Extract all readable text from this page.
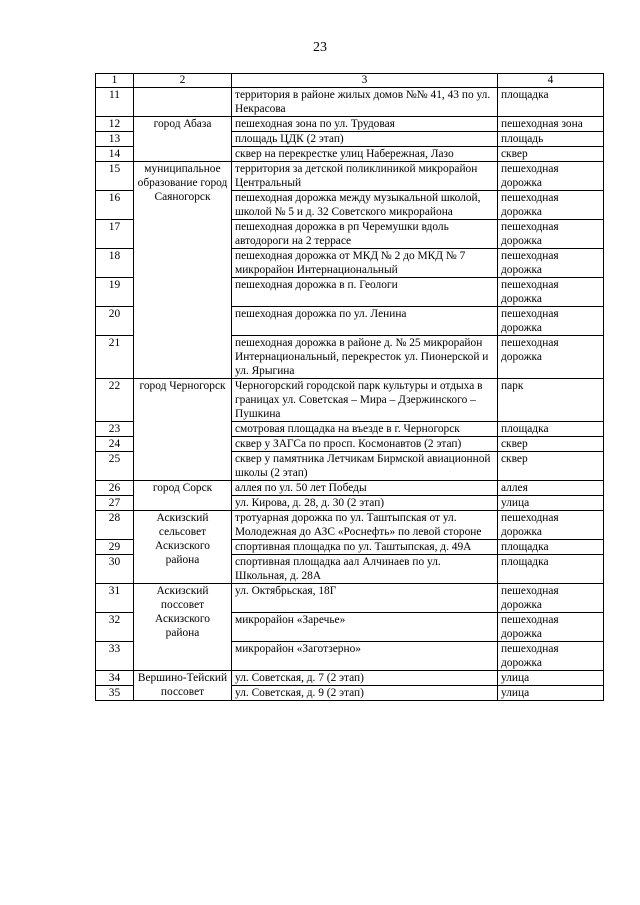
23
1	2	3	4
11		территория в районе жилых домов №№ 41, 43 по ул. Некрасова	площадка
12	город Абаза	пешеходная зона по ул. Трудовая	пешеходная зона
13		площадь ЦДК (2 этап)	площадь
14		сквер на перекрестке улиц Набережная, Лазо	сквер
15	муниципальное образование город Саяногорск	территория за детской поликлиникой микрорайон Центральный	пешеходная дорожка
16		пешеходная дорожка между музыкальной школой, школой № 5 и д. 32 Советского микрорайона	пешеходная дорожка
17		пешеходная дорожка в рп Черемушки вдоль автодороги на 2 террасе	пешеходная дорожка
18		пешеходная дорожка от МКД № 2 до МКД № 7 микрорайон Интернациональный	пешеходная дорожка
19		пешеходная дорожка в п. Геологи	пешеходная дорожка
20		пешеходная дорожка по ул. Ленина	пешеходная дорожка
21		пешеходная дорожка в районе д. № 25 микрорайон Интернациональный, перекресток ул. Пионерской и ул. Ярыгина	пешеходная дорожка
22	город Черногорск	Черногорский городской парк культуры и отдыха в границах ул. Советская – Мира – Дзержинского – Пушкина	парк
23		смотровая площадка на въезде в г. Черногорск	площадка
24		сквер у ЗАГСа по просп. Космонавтов (2 этап)	сквер
25		сквер у памятника Летчикам Бирмской авиационной школы (2 этап)	сквер
26	город Сорск	аллея по ул. 50 лет Победы	аллея
27		ул. Кирова, д. 28, д. 30 (2 этап)	улица
28	Аскизский сельсовет Аскизского района	тротуарная дорожка по ул. Таштыпская от ул. Молодежная до АЗС «Роснефть» по левой стороне	пешеходная дорожка
29		спортивная площадка по ул. Таштыпская, д. 49А	площадка
30		спортивная площадка аал Алчинаев по ул. Школьная, д. 28А	площадка
31	Аскизский поссовет Аскизского района	ул. Октябрьская, 18Г	пешеходная дорожка
32		микрорайон «Заречье»	пешеходная дорожка
33		микрорайон «Заготзерно»	пешеходная дорожка
34	Вершино-Тейский поссовет	ул. Советская, д. 7 (2 этап)	улица
35		ул. Советская, д. 9 (2 этап)	улица
